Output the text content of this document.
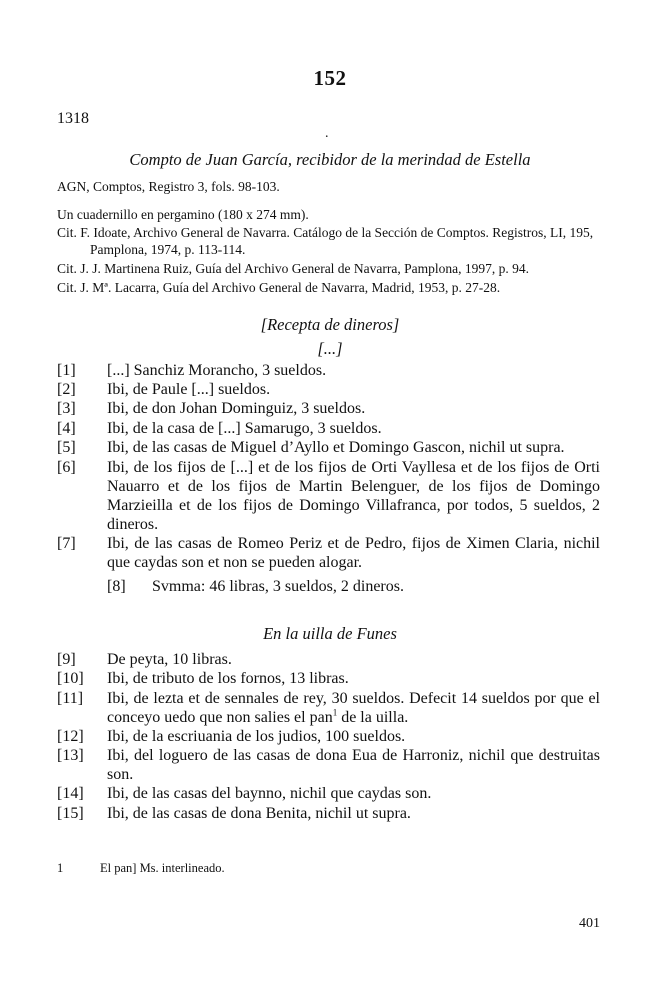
152
1318
.
Compto de Juan García, recibidor de la merindad de Estella
AGN, Comptos, Registro 3, fols. 98-103.
Un cuadernillo en pergamino (180 x 274 mm).
Cit. F. Idoate, Archivo General de Navarra. Catálogo de la Sección de Comptos. Registros, LI, 195, Pamplona, 1974, p. 113-114.
Cit. J. J. Martinena Ruiz, Guía del Archivo General de Navarra, Pamplona, 1997, p. 94.
Cit. J. Mª. Lacarra, Guía del Archivo General de Navarra, Madrid, 1953, p. 27-28.
[Recepta de dineros]
[...]
[1] [...] Sanchiz Morancho, 3 sueldos.
[2] Ibi, de Paule [...] sueldos.
[3] Ibi, de don Johan Dominguiz, 3 sueldos.
[4] Ibi, de la casa de [...] Samarugo, 3 sueldos.
[5] Ibi, de las casas de Miguel d’Ayllo et Domingo Gascon, nichil ut supra.
[6] Ibi, de los fijos de [...] et de los fijos de Orti Vayllesa et de los fijos de Orti Nauarro et de los fijos de Martin Belenguer, de los fijos de Domingo Marzieilla et de los fijos de Domingo Villafranca, por todos, 5 sueldos, 2 dineros.
[7] Ibi, de las casas de Romeo Periz et de Pedro, fijos de Ximen Claria, nichil que caydas son et non se pueden alogar.
[8] Svmma: 46 libras, 3 sueldos, 2 dineros.
En la uilla de Funes
[9] De peyta, 10 libras.
[10] Ibi, de tributo de los fornos, 13 libras.
[11] Ibi, de lezta et de sennales de rey, 30 sueldos. Defecit 14 sueldos por que el conceyo uedo que non salies el pan$^1$ de la uilla.
[12] Ibi, de la escriuania de los judios, 100 sueldos.
[13] Ibi, del loguero de las casas de dona Eua de Harroniz, nichil que destruitas son.
[14] Ibi, de las casas del baynno, nichil que caydas son.
[15] Ibi, de las casas de dona Benita, nichil ut supra.
1	El pan] Ms. interlineado.
401
